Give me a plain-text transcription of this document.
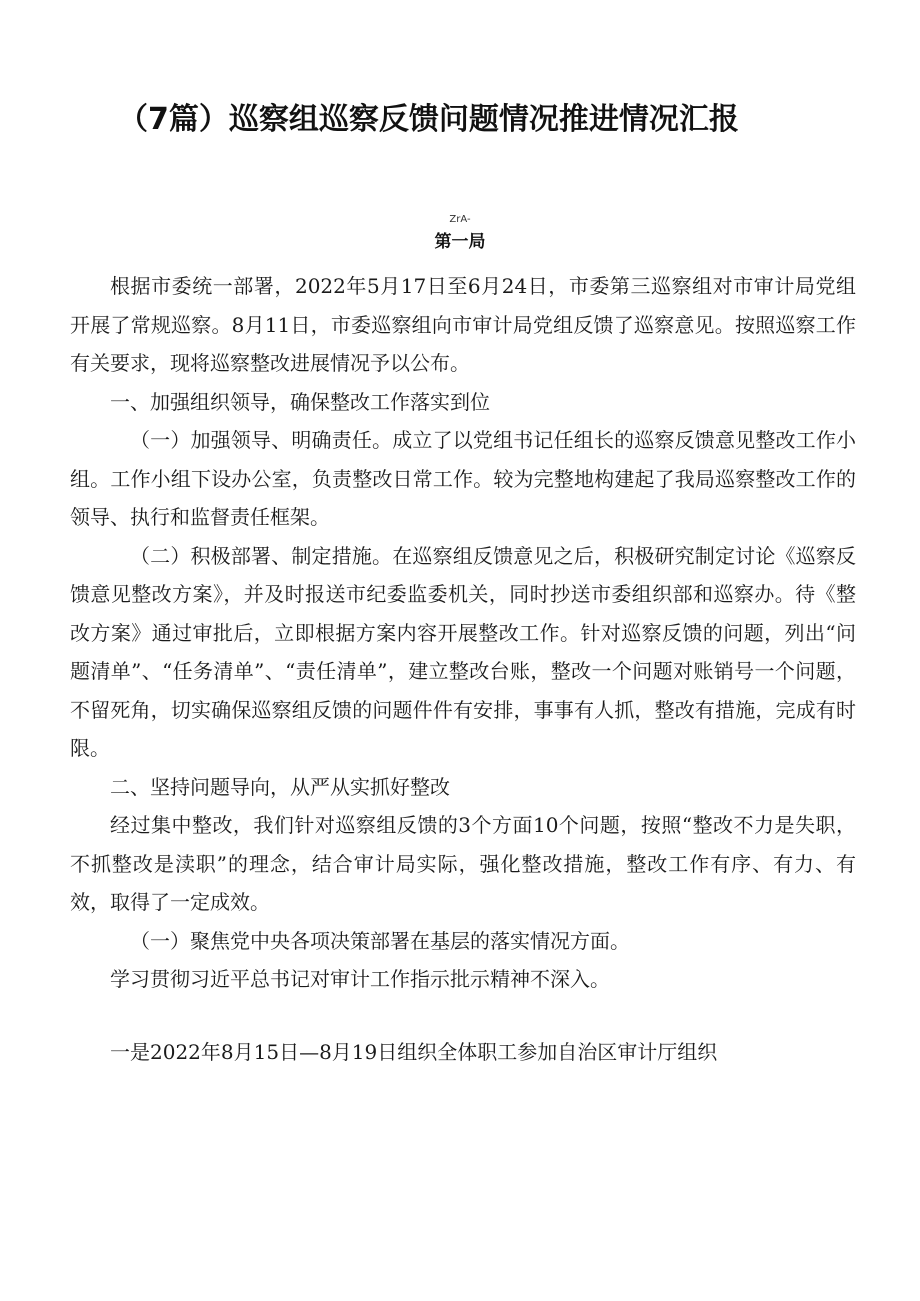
（7篇）巡察组巡察反馈问题情况推进情况汇报
ZrA-
第一局

根据市委统一部署，2022年5月17日至6月24日，市委第三巡察组对市审计局党组开展了常规巡察。8月11日，市委巡察组向市审计局党组反馈了巡察意见。按照巡察工作有关要求，现将巡察整改进展情况予以公布。

一、加强组织领导，确保整改工作落实到位

（一）加强领导、明确责任。成立了以党组书记任组长的巡察反馈意见整改工作小组。工作小组下设办公室，负责整改日常工作。较为完整地构建起了我局巡察整改工作的领导、执行和监督责任框架。

（二）积极部署、制定措施。在巡察组反馈意见之后，积极研究制定讨论《巡察反馈意见整改方案》，并及时报送市纪委监委机关，同时抄送市委组织部和巡察办。待《整改方案》通过审批后，立即根据方案内容开展整改工作。针对巡察反馈的问题，列出“问题清单”、“任务清单”、“责任清单”，建立整改台账，整改一个问题对账销号一个问题，不留死角，切实确保巡察组反馈的问题件件有安排，事事有人抓，整改有措施，完成有时限。

二、坚持问题导向，从严从实抓好整改

经过集中整改，我们针对巡察组反馈的3个方面10个问题，按照“整改不力是失职，不抓整改是渎职”的理念，结合审计局实际，强化整改措施，整改工作有序、有力、有效，取得了一定成效。

（一）聚焦党中央各项决策部署在基层的落实情况方面。

学习贯彻习近平总书记对审计工作指示批示精神不深入。

一是2022年8月15日—8月19日组织全体职工参加自治区审计厅组织
